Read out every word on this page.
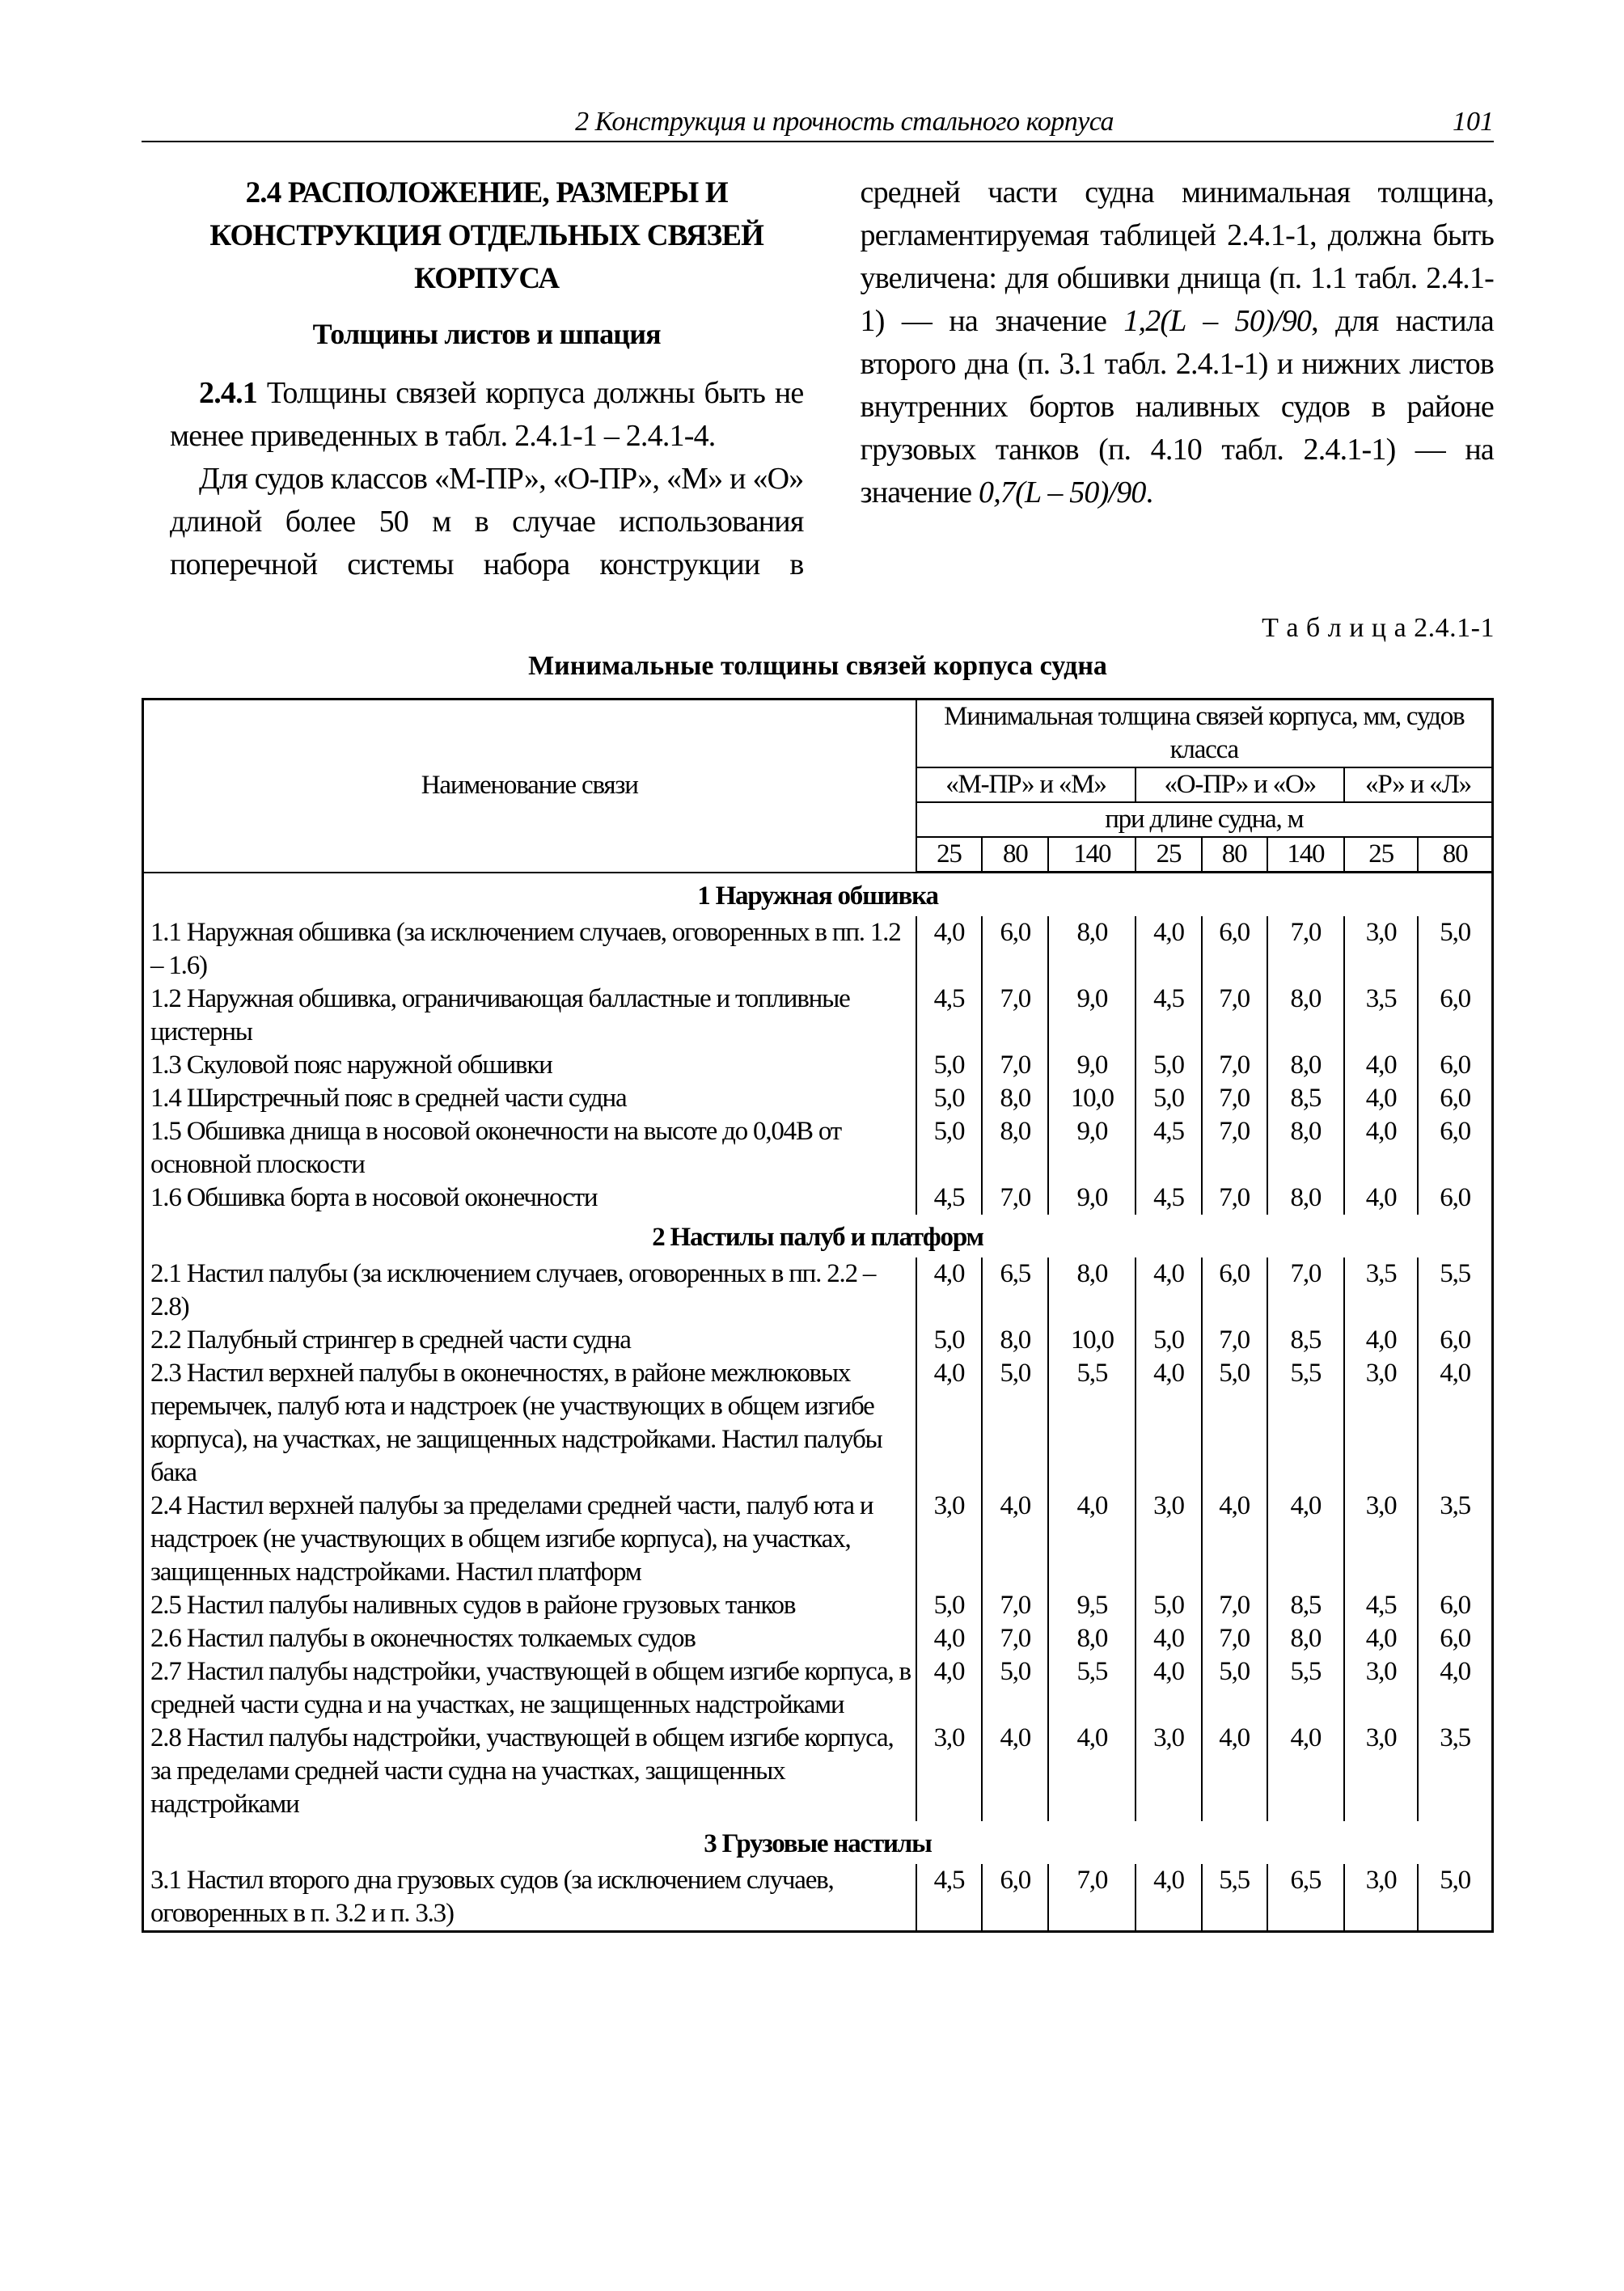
2 Конструкция и прочность стального корпуса	101
2.4 РАСПОЛОЖЕНИЕ, РАЗМЕРЫ И КОНСТРУКЦИЯ ОТДЕЛЬНЫХ СВЯЗЕЙ КОРПУСА
Толщины листов и шпация

2.4.1 Толщины связей корпуса должны быть не менее приведенных в табл. 2.4.1-1 – 2.4.1-4.

Для судов классов «М-ПР», «О-ПР», «М» и «О» длиной более 50 м в случае использования поперечной системы набора конструкции в средней части судна минимальная толщина, регламентируемая таблицей 2.4.1-1, должна быть увеличена: для обшивки днища (п. 1.1 табл. 2.4.1-1) — на значение 1,2(L – 50)/90, для настила второго дна (п. 3.1 табл. 2.4.1-1) и нижних листов внутренних бортов наливных судов в районе грузовых танков (п. 4.10 табл. 2.4.1-1) — на значение 0,7(L – 50)/90.

Т а б л и ц а 2.4.1-1
Минимальные толщины связей корпуса судна
Наименование связи	Минимальная толщина связей корпуса, мм, судов класса							
	«М-ПР» и «М»			«О-ПР» и «О»			«Р» и «Л»	
	при длине судна, м							
	25	80	140	25	80	140	25	80
1 Наружная обшивка								
1.1 Наружная обшивка (за исключением случаев, оговоренных в пп. 1.2 – 1.6)	4,0	6,0	8,0	4,0	6,0	7,0	3,0	5,0
1.2 Наружная обшивка, ограничивающая балластные и топливные цистерны	4,5	7,0	9,0	4,5	7,0	8,0	3,5	6,0
1.3 Скуловой пояс наружной обшивки	5,0	7,0	9,0	5,0	7,0	8,0	4,0	6,0
1.4 Ширстречный пояс в средней части судна	5,0	8,0	10,0	5,0	7,0	8,5	4,0	6,0
1.5 Обшивка днища в носовой оконечности на высоте до 0,04B от основной плоскости	5,0	8,0	9,0	4,5	7,0	8,0	4,0	6,0
1.6 Обшивка борта в носовой оконечности	4,5	7,0	9,0	4,5	7,0	8,0	4,0	6,0
2 Настилы палуб и платформ								
2.1 Настил палубы (за исключением случаев, оговоренных в пп. 2.2 – 2.8)	4,0	6,5	8,0	4,0	6,0	7,0	3,5	5,5
2.2 Палубный стрингер в средней части судна	5,0	8,0	10,0	5,0	7,0	8,5	4,0	6,0
2.3 Настил верхней палубы в оконечностях, в районе межлюковых перемычек, палуб юта и надстроек (не участвующих в общем изгибе корпуса), на участках, не защищенных надстройками. Настил палубы бака	4,0	5,0	5,5	4,0	5,0	5,5	3,0	4,0
2.4 Настил верхней палубы за пределами средней части, палуб юта и надстроек (не участвующих в общем изгибе корпуса), на участках, защищенных надстройками. Настил платформ	3,0	4,0	4,0	3,0	4,0	4,0	3,0	3,5
2.5 Настил палубы наливных судов в районе грузовых танков	5,0	7,0	9,5	5,0	7,0	8,5	4,5	6,0
2.6 Настил палубы в оконечностях толкаемых судов	4,0	7,0	8,0	4,0	7,0	8,0	4,0	6,0
2.7 Настил палубы надстройки, участвующей в общем изгибе корпуса, в средней части судна и на участках, не защищенных надстройками	4,0	5,0	5,5	4,0	5,0	5,5	3,0	4,0
2.8 Настил палубы надстройки, участвующей в общем изгибе корпуса, за пределами средней части судна на участках, защищенных надстройками	3,0	4,0	4,0	3,0	4,0	4,0	3,0	3,5
3 Грузовые настилы								
3.1 Настил второго дна грузовых судов (за исключением случаев, оговоренных в п. 3.2 и п. 3.3)	4,5	6,0	7,0	4,0	5,5	6,5	3,0	5,0
